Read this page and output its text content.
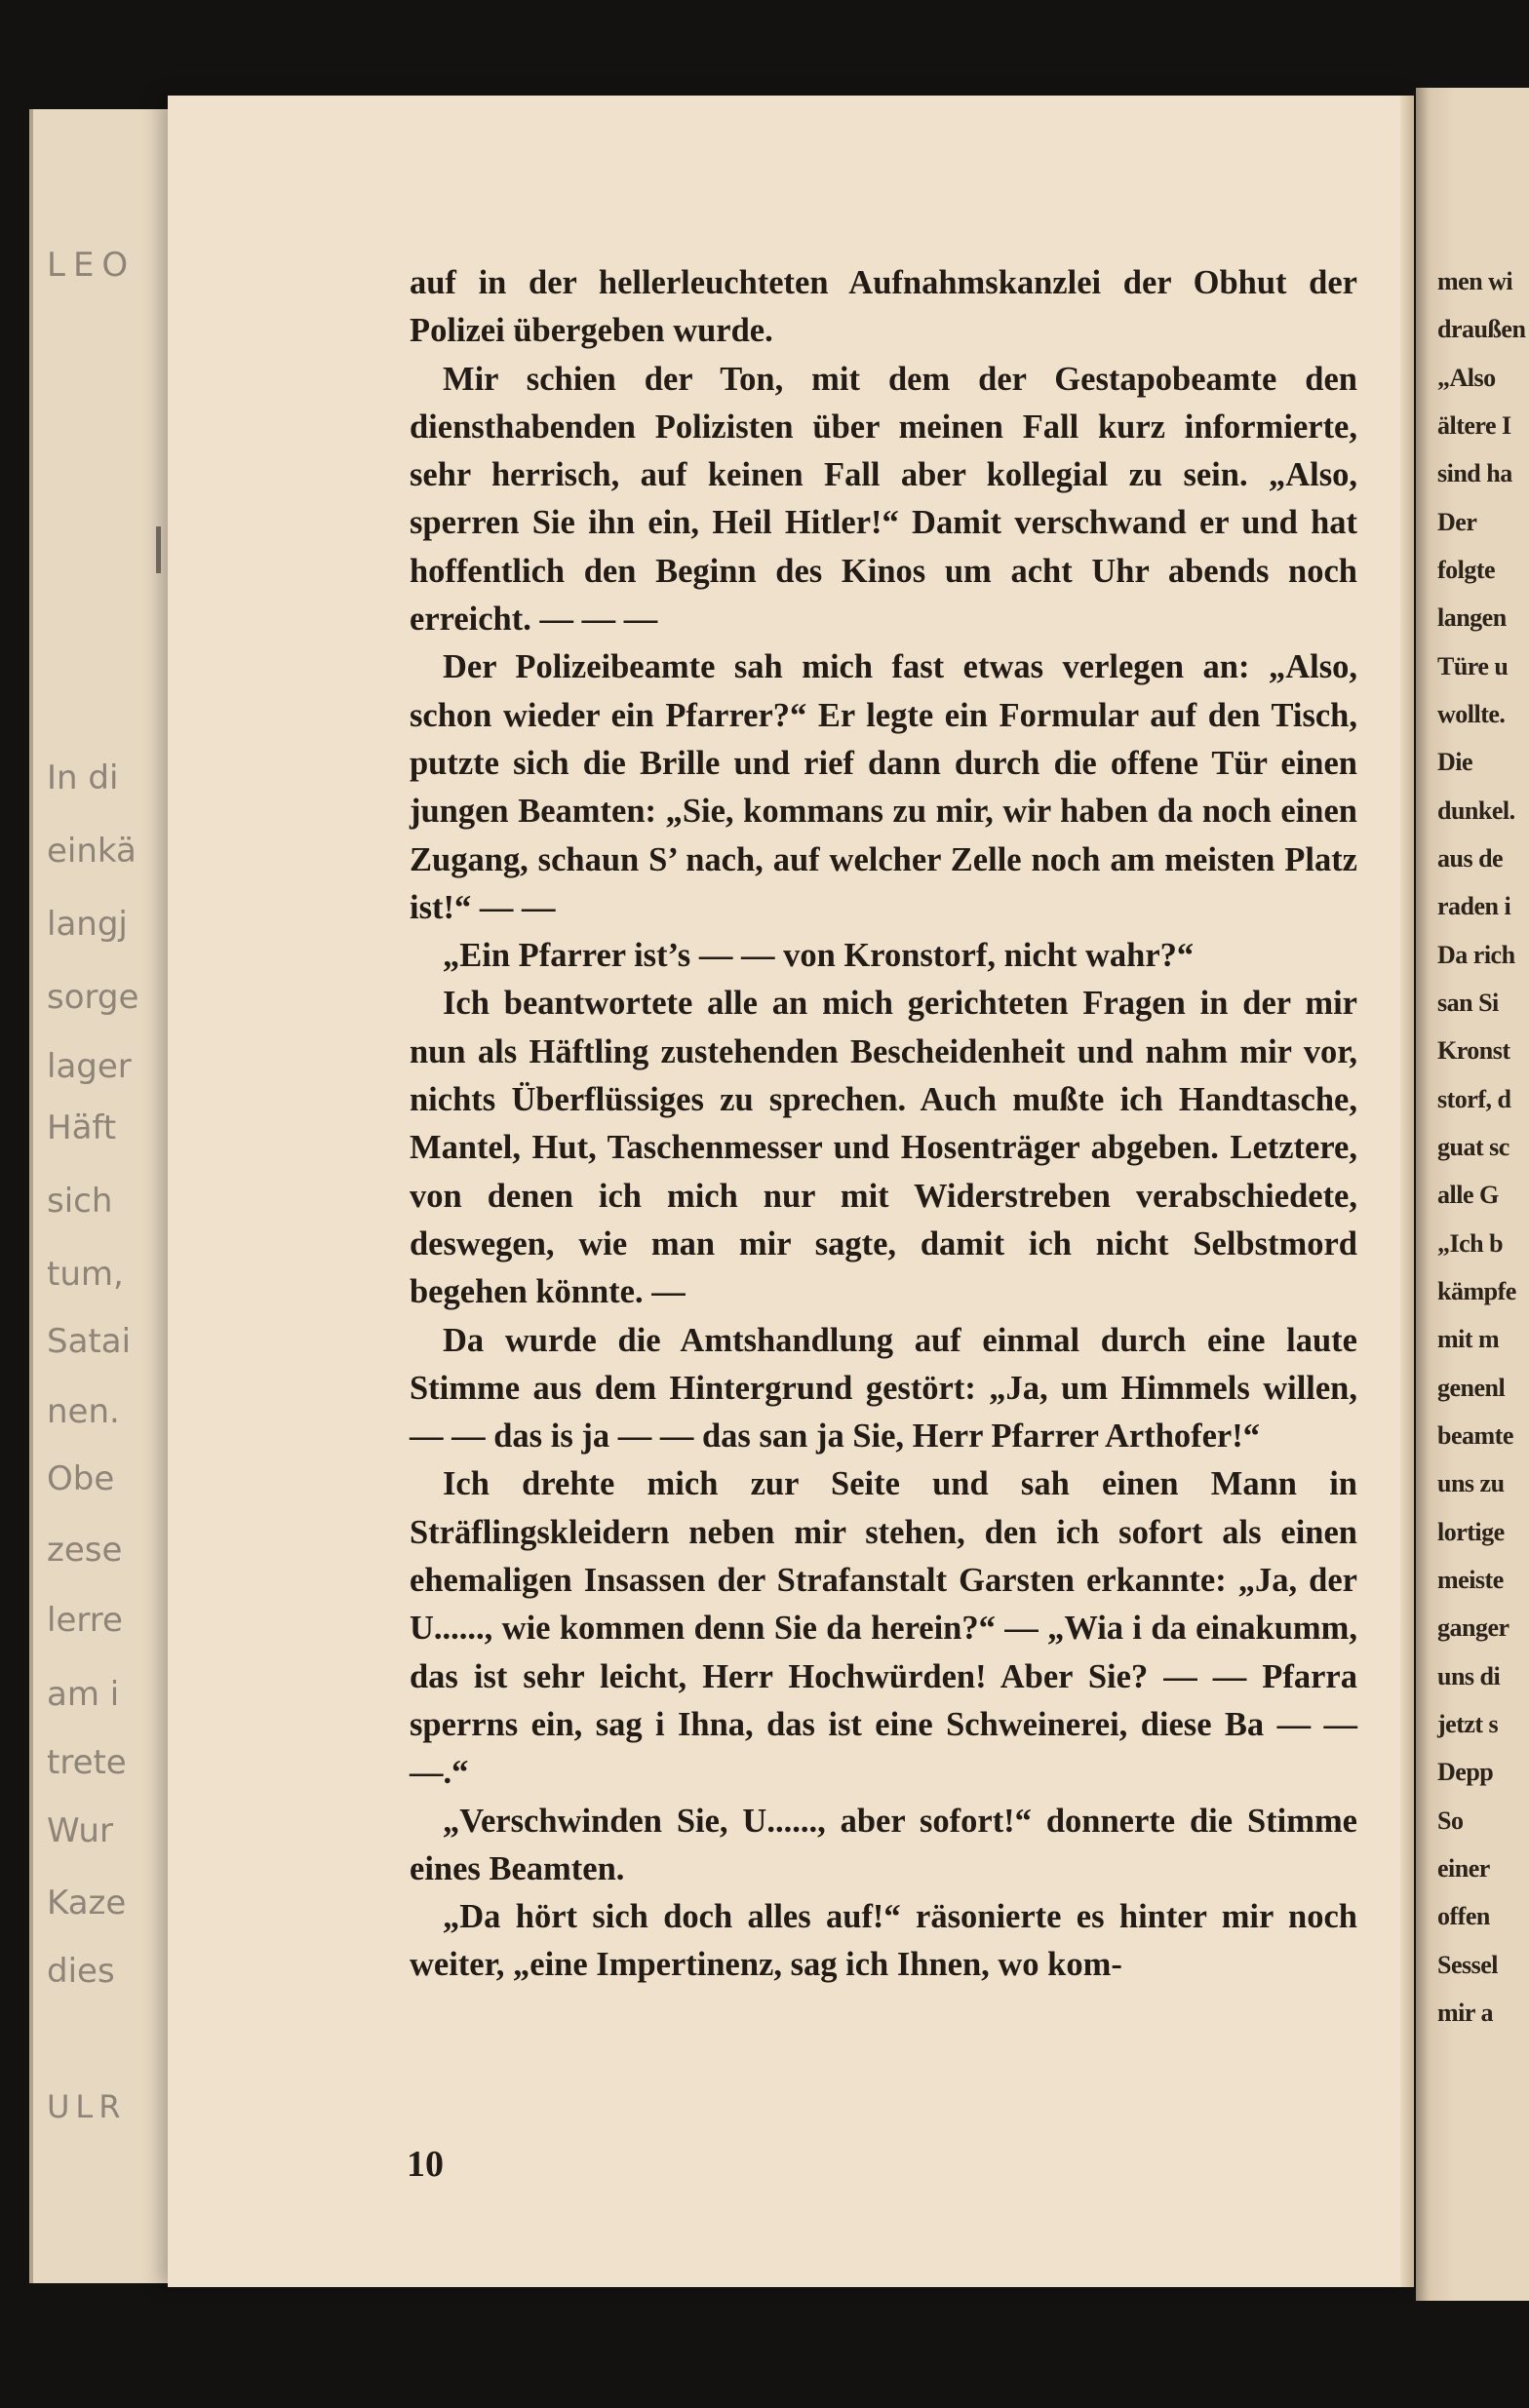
LEO
In di
einkä
langj
sorge
lager
Häft
sich
tum,
Satai
nen.
Obe
zese
lerre
am i
trete
Wur
Kaze
dies
ULR
men wi
draußen
„Also
ältere I
sind ha
Der
folgte
langen
Türe u
wollte.
Die
dunkel.
aus de
raden i
Da rich
san Si
Kronst
storf, d
guat sc
alle G
„Ich b
kämpfe
mit m
genenl
beamte
uns zu
lortige
meiste
ganger
uns di
jetzt s
Depp
So
einer
offen
Sessel
mir a

auf in der hellerleuchteten Aufnahmskanzlei der Obhut der Polizei übergeben wurde.

Mir schien der Ton, mit dem der Gestapobeamte den diensthabenden Polizisten über meinen Fall kurz informierte, sehr herrisch, auf keinen Fall aber kollegial zu sein. „Also, sperren Sie ihn ein, Heil Hitler!“ Damit verschwand er und hat hoffentlich den Beginn des Kinos um acht Uhr abends noch erreicht. — — —

Der Polizeibeamte sah mich fast etwas verlegen an: „Also, schon wieder ein Pfarrer?“ Er legte ein Formular auf den Tisch, putzte sich die Brille und rief dann durch die offene Tür einen jungen Beamten: „Sie, kommans zu mir, wir haben da noch einen Zugang, schaun S’ nach, auf welcher Zelle noch am meisten Platz ist!“ — —

„Ein Pfarrer ist’s — — von Kronstorf, nicht wahr?“

Ich beantwortete alle an mich gerichteten Fragen in der mir nun als Häftling zustehenden Bescheidenheit und nahm mir vor, nichts Überflüssiges zu sprechen. Auch mußte ich Handtasche, Mantel, Hut, Taschenmesser und Hosenträger abgeben. Letztere, von denen ich mich nur mit Widerstreben verabschiedete, deswegen, wie man mir sagte, damit ich nicht Selbstmord begehen könnte. —

Da wurde die Amtshandlung auf einmal durch eine laute Stimme aus dem Hintergrund gestört: „Ja, um Himmels willen, — — das is ja — — das san ja Sie, Herr Pfarrer Arthofer!“

Ich drehte mich zur Seite und sah einen Mann in Sträflingskleidern neben mir stehen, den ich sofort als einen ehemaligen Insassen der Strafanstalt Garsten erkannte: „Ja, der U......, wie kommen denn Sie da herein?“ — „Wia i da einakumm, das ist sehr leicht, Herr Hochwürden! Aber Sie? — — Pfarra sperrns ein, sag i Ihna, das ist eine Schweinerei, diese Ba — — —.“

„Verschwinden Sie, U......, aber sofort!“ donnerte die Stimme eines Beamten.

„Da hört sich doch alles auf!“ räsonierte es hinter mir noch weiter, „eine Impertinenz, sag ich Ihnen, wo kom-

10
